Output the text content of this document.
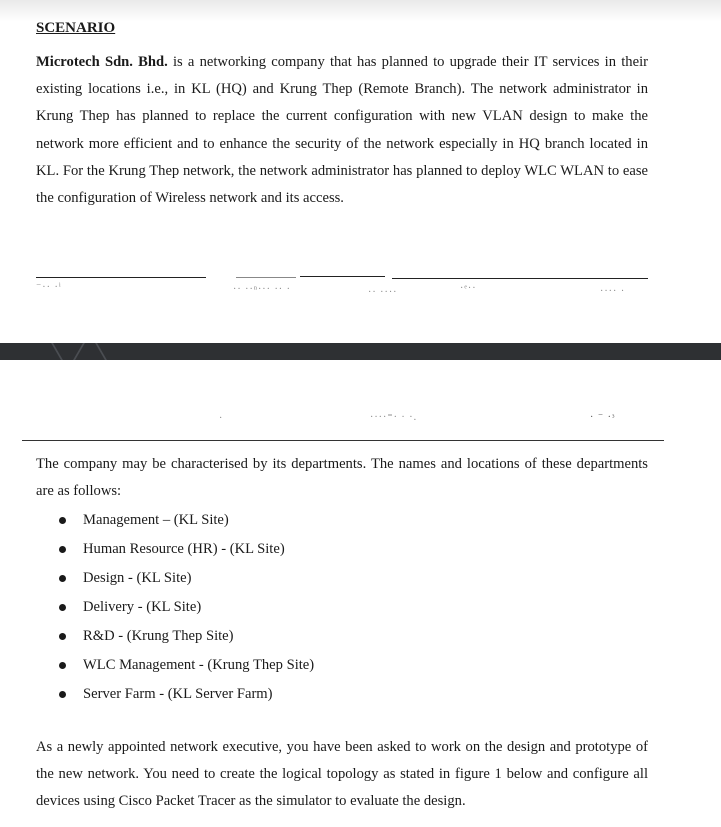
SCENARIO

Microtech Sdn. Bhd. is a networking company that has planned to upgrade their IT services in their existing locations i.e., in KL (HQ) and Krung Thep (Remote Branch). The network administrator in Krung Thep has planned to replace the current configuration with new VLAN design to make the network more efficient and to enhance the security of the network especially in HQ branch located in KL. For the Krung Thep network, the network administrator has planned to deploy WLC WLAN to ease the configuration of Wireless network and its access.

⁻·· ·ⁱ	·· ··ⁿ··· ·· ·	·· ····	·ᵉ··	···· ·
·	····⁼· · ·.	· ⁻ ·ᵌ

The company may be characterised by its departments. The names and locations of these departments are as follows:

Management – (KL Site)
Human Resource (HR) - (KL Site)
Design - (KL Site)
Delivery - (KL Site)
R&D - (Krung Thep Site)
WLC Management - (Krung Thep Site)
Server Farm - (KL Server Farm)

As a newly appointed network executive, you have been asked to work on the design and prototype of the new network. You need to create the logical topology as stated in figure 1 below and configure all devices using Cisco Packet Tracer as the simulator to evaluate the design.
